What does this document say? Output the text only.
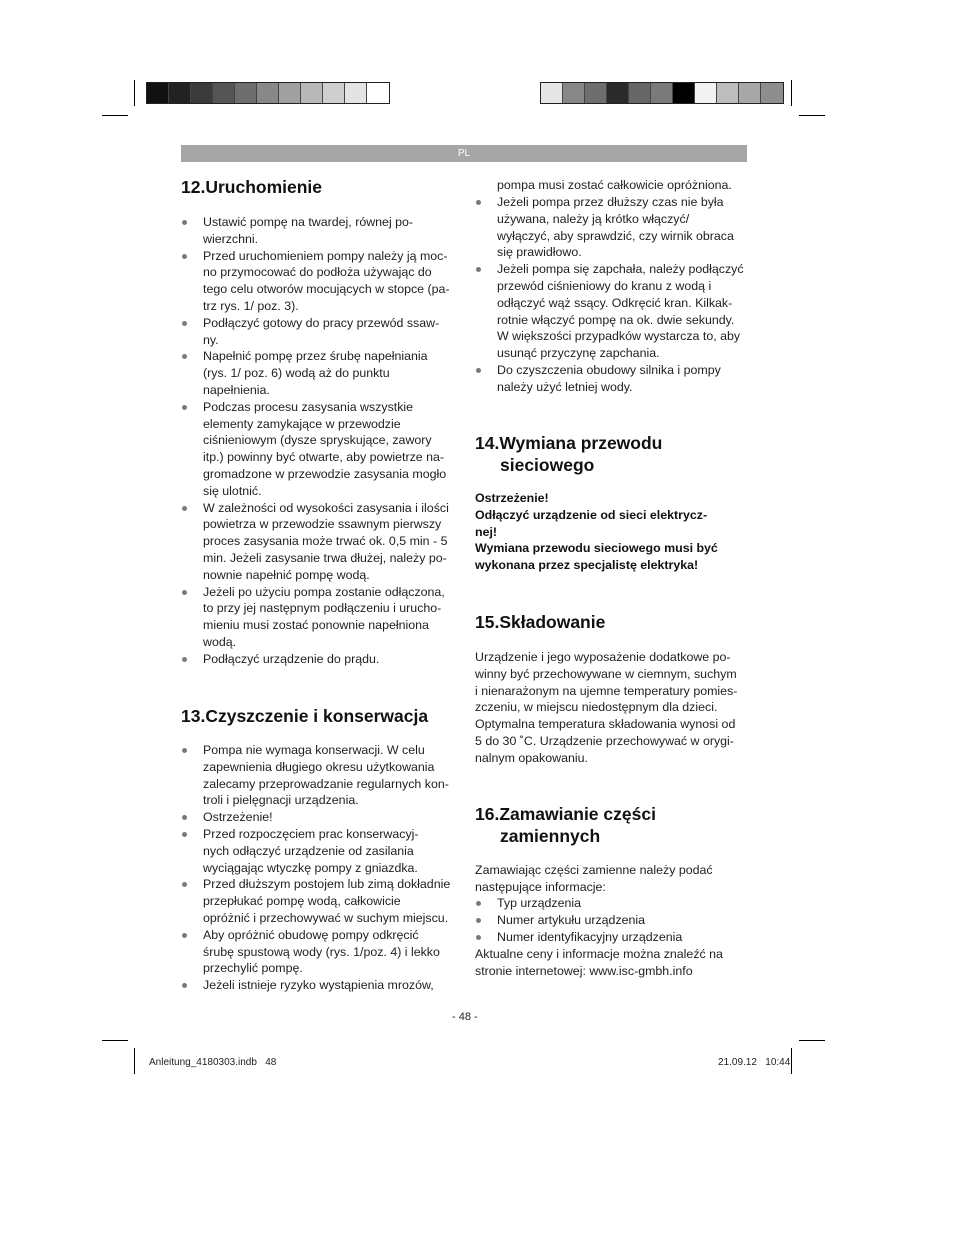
PL
12.Uruchomienie
Ustawić pompę na twardej, równej po-
wierzchni.
Przed uruchomieniem pompy należy ją moc-
no przymocować do podłoża używając do
tego celu otworów mocujących w stopce (pa-
trz rys. 1/ poz. 3).
Podłączyć gotowy do pracy przewód ssaw-
ny.
Napełnić pompę przez śrubę napełniania
(rys. 1/ poz. 6) wodą aż do punktu
napełnienia.
Podczas procesu zasysania wszystkie
elementy zamykające w przewodzie
ciśnieniowym (dysze spryskujące, zawory
itp.) powinny być otwarte, aby powietrze na-
gromadzone w przewodzie zasysania mogło
się ulotnić.
W zależności od wysokości zasysania i ilości
powietrza w przewodzie ssawnym pierwszy
proces zasysania może trwać ok. 0,5 min - 5
min. Jeżeli zasysanie trwa dłużej, należy po-
nownie napełnić pompę wodą.
Jeżeli po użyciu pompa zostanie odłączona,
to przy jej następnym podłączeniu i urucho-
mieniu musi zostać ponownie napełniona
wodą.
Podłączyć urządzenie do prądu.
13.Czyszczenie i konserwacja
Pompa nie wymaga konserwacji. W celu
zapewnienia długiego okresu użytkowania
zalecamy przeprowadzanie regularnych kon-
troli i pielęgnacji urządzenia.
Ostrzeżenie!
Przed rozpoczęciem prac konserwacyj-
nych odłączyć urządzenie od zasilania
wyciągając wtyczkę pompy z gniazdka.
Przed dłuższym postojem lub zimą dokładnie
przepłukać pompę wodą, całkowicie
opróżnić i przechowywać w suchym miejscu.
Aby opróżnić obudowę pompy odkręcić
śrubę spustową wody (rys. 1/poz. 4) i lekko
przechylić pompę.
Jeżeli istnieje ryzyko wystąpienia mrozów,
pompa musi zostać całkowicie opróżniona.
Jeżeli pompa przez dłuższy czas nie była
używana, należy ją krótko włączyć/
wyłączyć, aby sprawdzić, czy wirnik obraca
się prawidłowo.
Jeżeli pompa się zapchała, należy podłączyć
przewód ciśnieniowy do kranu z wodą i
odłączyć wąż ssący. Odkręcić kran. Kilkak-
rotnie włączyć pompę na ok. dwie sekundy.
W większości przypadków wystarcza to, aby
usunąć przyczynę zapchania.
Do czyszczenia obudowy silnika i pompy
należy użyć letniej wody.
14.Wymiana przewodu
sieciowego
Ostrzeżenie!
Odłączyć urządzenie od sieci elektrycz-
nej!
Wymiana przewodu sieciowego musi być
wykonana przez specjalistę elektryka!
15.Składowanie
Urządzenie i jego wyposażenie dodatkowe po-
winny być przechowywane w ciemnym, suchym
i nienarażonym na ujemne temperatury pomies-
zczeniu, w miejscu niedostępnym dla dzieci.
Optymalna temperatura składowania wynosi od
5 do 30 ˚C. Urządzenie przechowywać w orygi-
nalnym opakowaniu.
16.Zamawianie części
zamiennych
Zamawiając części zamienne należy podać
następujące informacje:
Typ urządzenia
Numer artykułu urządzenia
Numer identyfikacyjny urządzenia
Aktualne ceny i informacje można znaleźć na
stronie internetowej: www.isc-gmbh.info
- 48 -
Anleitung_4180303.indb   48	21.09.12   10:44
